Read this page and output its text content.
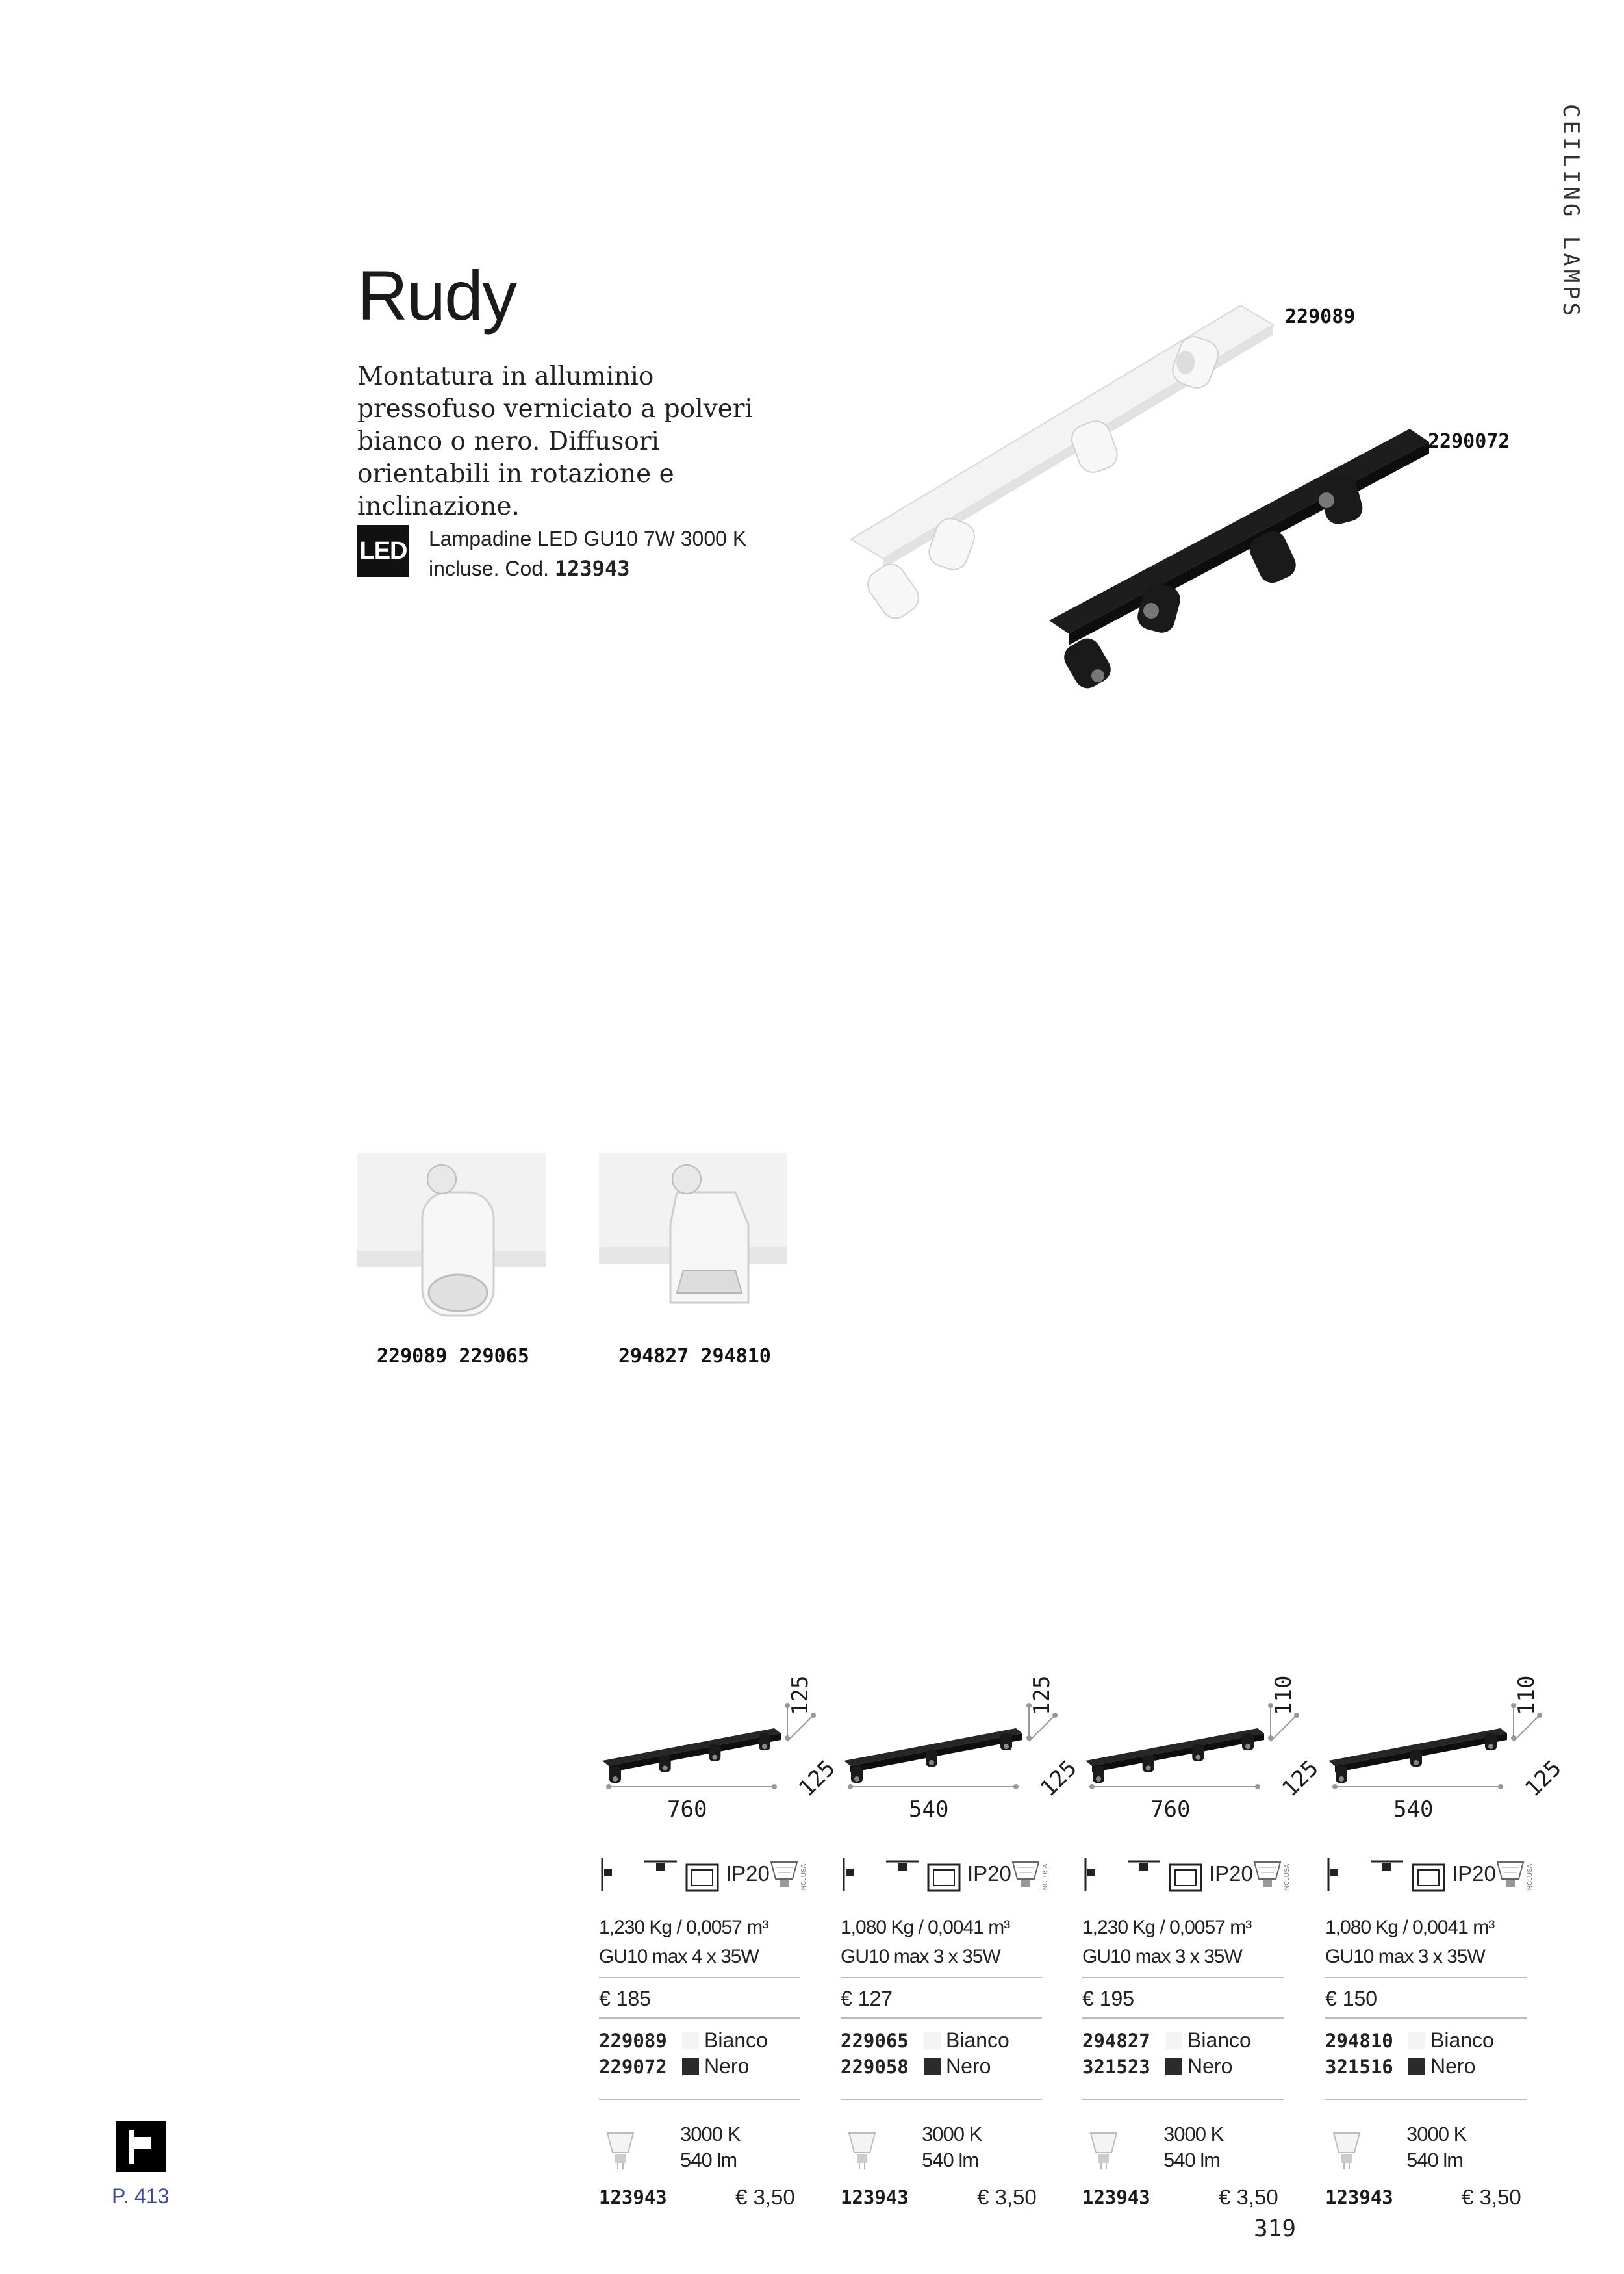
CEILING LAMPS
Rudy
Montatura in alluminio pressofuso verniciato a polveri bianco o nero. Diffusori orientabili in rotazione e inclinazione.
LED Lampadine LED GU10 7W 3000 K
incluse. Cod. 123943
229089
2290072
229089 229065	294827 294810
760
125
125
INCLUSA
IP20
1,230 Kg / 0,0057 m³
GU10 max 4 x 35W
€ 185
229089 Bianco
229072 Nero
3000 K
540 lm
123943	€ 3,50
540
125
125
INCLUSA
IP20
1,080 Kg / 0,0041 m³
GU10 max 3 x 35W
€ 127
229065 Bianco
229058 Nero
3000 K
540 lm
123943	€ 3,50
760
110
125
INCLUSA
IP20
1,230 Kg / 0,0057 m³
GU10 max 3 x 35W
€ 195
294827 Bianco
321523 Nero
3000 K
540 lm
123943	€ 3,50
540
110
125
INCLUSA
IP20
1,080 Kg / 0,0041 m³
GU10 max 3 x 35W
€ 150
294810 Bianco
321516 Nero
3000 K
540 lm
123943	€ 3,50
P. 413
319
